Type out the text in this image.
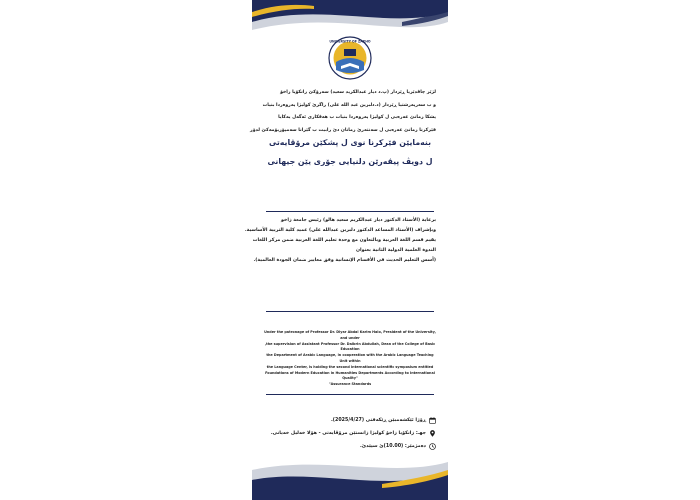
UNIVERSITY OF ZAKHO
لژێر چاڤدێریا ڕێزدار (پ.د دیار عبدالکرید سعید) سەرۆکێ زانکۆیا زاخۆ
و ب سەرپەرشتیا ڕێزدار (د.دلبرین عبد الله علی) راگرێ کولیژا پەروەردا بنیات
پشکا زمانێ عەرەبی ل کولیژا پەروەردا بنیات ب هەڤکاری ئەگەل یەکایا
فێرکرنا زمانێ عەرەبی ل سەنتەرێ زمانان دێ رابیت ب گێرانا سەمپۆزیۆمەکێ لدۆر
بنەمایێن فێرکرنا نوی ل پشکێن مرۆڤایەتی
ل دویڤ پیڤەرێن دلنیایی جۆری یێن جیهانی
برعاية (الأستاذ الدكتور ديار عبدالكريم سعيد هالو) رئيس جامعة زاخو
وبإشراف (الأستاذ المساعد الدكتور دلبرين عبدالله علي) عميد كلية التربية الأساسية.
يقيم قسم اللغة العربية وبالتعاون مع وحدة تعليم اللغة العربية ضمن مركز اللغات
الندوة العلمية الدولية الثانية بعنوان
(أسس التعليم الحديث في الأقسام الإنسانية وفق معايير ضمان الجودة العالمية).
Under the patronage of Professor Dr. Diyar Abdal Karim Halo, President of the University, and under
,the supervision of Assistant Professor Dr. Dalbrin Abdullah, Dean of the College of Basic Education
the Department of Arabic Language, in cooperation with the Arabic Language Teaching Unit within
the Language Center, is holding the second international scientific symposium entitled
Foundations of Modern Education in Humanities Departments According to International Quality"
"Assurance Standards
ڕۆژا ئێکشەمبێن ڕێکەفتی (2025/4/27).
جهـ: زانکۆیا زاخۆ کولیژا زانستێن مرۆڤایەتی - هۆلا خەلیل خەیانی.
دەمژمێر: (10.00)ێ سپێدێ.
